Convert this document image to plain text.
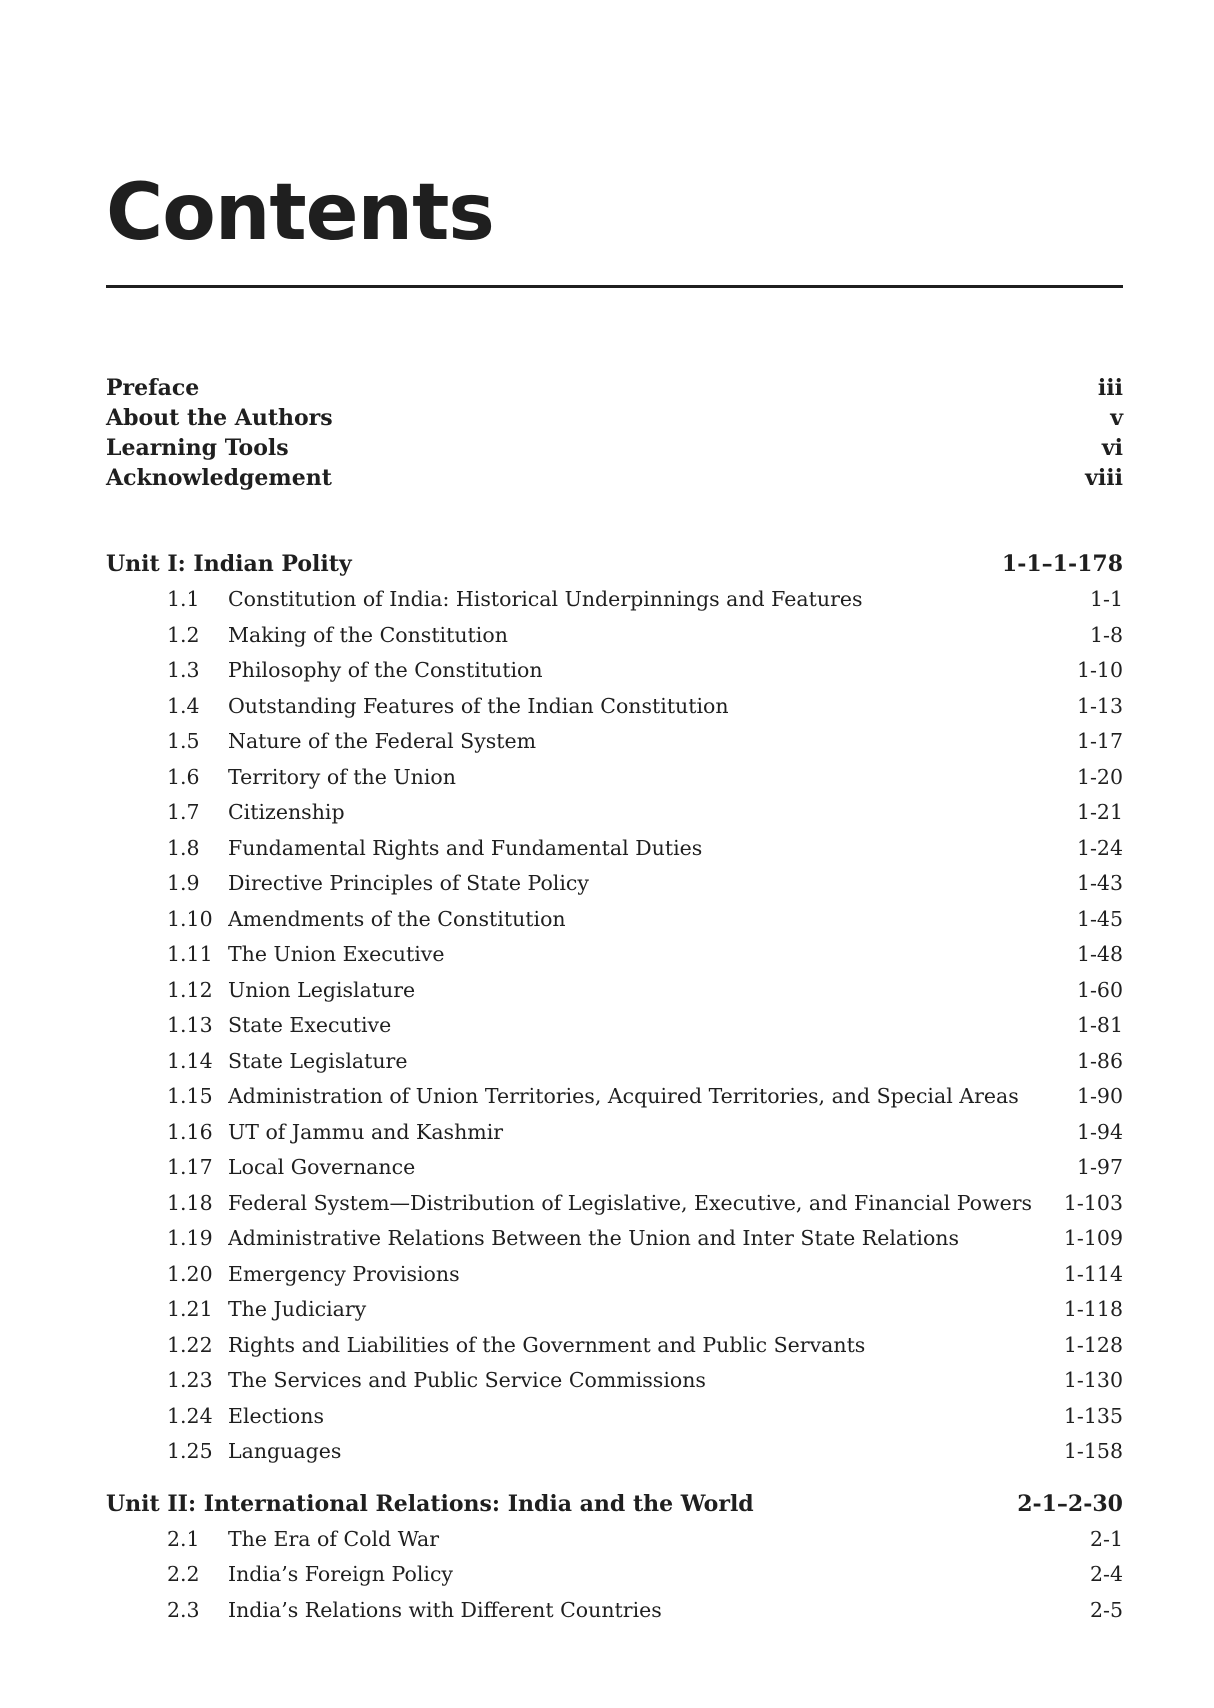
Contents
Preface	iii
About the Authors	v
Learning Tools	vi
Acknowledgement	viii
Unit I: Indian Polity	1-1–1-178
1.1	Constitution of India: Historical Underpinnings and Features	1-1
1.2	Making of the Constitution	1-8
1.3	Philosophy of the Constitution	1-10
1.4	Outstanding Features of the Indian Constitution	1-13
1.5	Nature of the Federal System	1-17
1.6	Territory of the Union	1-20
1.7	Citizenship	1-21
1.8	Fundamental Rights and Fundamental Duties	1-24
1.9	Directive Principles of State Policy	1-43
1.10 Amendments of the Constitution	1-45
1.11 The Union Executive	1-48
1.12 Union Legislature	1-60
1.13 State Executive	1-81
1.14 State Legislature	1-86
1.15 Administration of Union Territories, Acquired Territories, and Special Areas	1-90
1.16 UT of Jammu and Kashmir	1-94
1.17 Local Governance	1-97
1.18 Federal System—Distribution of Legislative, Executive, and Financial Powers	1-103
1.19 Administrative Relations Between the Union and Inter State Relations	1-109
1.20 Emergency Provisions	1-114
1.21 The Judiciary	1-118
1.22 Rights and Liabilities of the Government and Public Servants	1-128
1.23 The Services and Public Service Commissions	1-130
1.24 Elections	1-135
1.25 Languages	1-158
Unit II: International Relations: India and the World	2-1–2-30
2.1	The Era of Cold War	2-1
2.2	India’s Foreign Policy	2-4
2.3	India’s Relations with Different Countries	2-5
